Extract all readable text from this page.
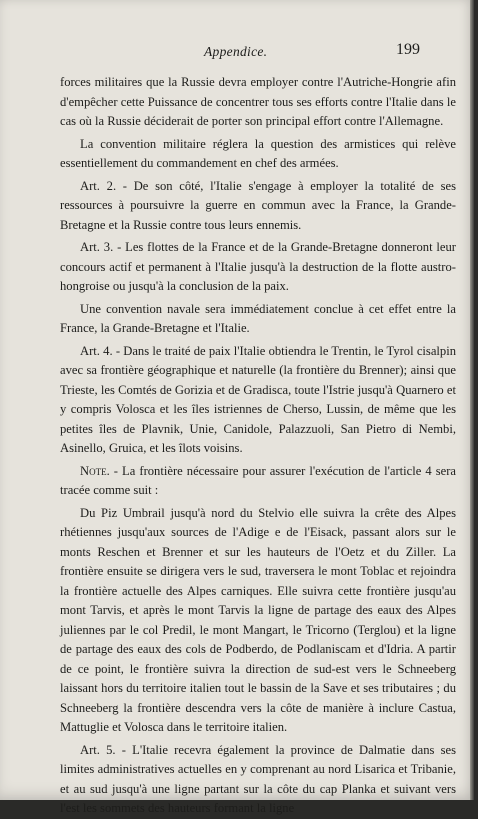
Appendice.	199

forces militaires que la Russie devra employer contre l'Autriche-Hongrie afin d'empêcher cette Puissance de concentrer tous ses efforts contre l'Italie dans le cas où la Russie déciderait de porter son principal effort contre l'Allemagne.

La convention militaire réglera la question des armistices qui relève essentiellement du commandement en chef des armées.

Art. 2. - De son côté, l'Italie s'engage à employer la totalité de ses ressources à poursuivre la guerre en commun avec la France, la Grande-Bretagne et la Russie contre tous leurs ennemis.

Art. 3. - Les flottes de la France et de la Grande-Bretagne donneront leur concours actif et permanent à l'Italie jusqu'à la destruction de la flotte austro-hongroise ou jusqu'à la conclusion de la paix.

Une convention navale sera immédiatement conclue à cet effet entre la France, la Grande-Bretagne et l'Italie.

Art. 4. - Dans le traité de paix l'Italie obtiendra le Trentin, le Tyrol cisalpin avec sa frontière géographique et naturelle (la frontière du Brenner); ainsi que Trieste, les Comtés de Gorizia et de Gradisca, toute l'Istrie jusqu'à Quarnero et y compris Volosca et les îles istriennes de Cherso, Lussin, de même que les petites îles de Plavnik, Unie, Canidole, Palazzuoli, San Pietro di Nembi, Asinello, Gruica, et les îlots voisins.

Note. - La frontière nécessaire pour assurer l'exécution de l'article 4 sera tracée comme suit :

Du Piz Umbrail jusqu'à nord du Stelvio elle suivra la crête des Alpes rhétiennes jusqu'aux sources de l'Adige e de l'Eisack, passant alors sur le monts Reschen et Brenner et sur les hauteurs de l'Oetz et du Ziller. La frontière ensuite se dirigera vers le sud, traversera le mont Toblac et rejoindra la frontière actuelle des Alpes carniques. Elle suivra cette frontière jusqu'au mont Tarvis, et après le mont Tarvis la ligne de partage des eaux des Alpes juliennes par le col Predil, le mont Mangart, le Tricorno (Terglou) et la ligne de partage des eaux des cols de Podberdo, de Podlaniscam et d'Idria. A partir de ce point, le frontière suivra la direction de sud-est vers le Schneeberg laissant hors du territoire italien tout le bassin de la Save et ses tributaires ; du Schneeberg la frontière descendra vers la côte de manière à inclure Castua, Mattuglie et Volosca dans le territoire italien.

Art. 5. - L'Italie recevra également la province de Dalmatie dans ses limites administratives actuelles en y comprenant au nord Lisarica et Tribanie, et au sud jusqu'à une ligne partant sur la côte du cap Planka et suivant vers l'est les sommets des hauteurs formant la ligne
